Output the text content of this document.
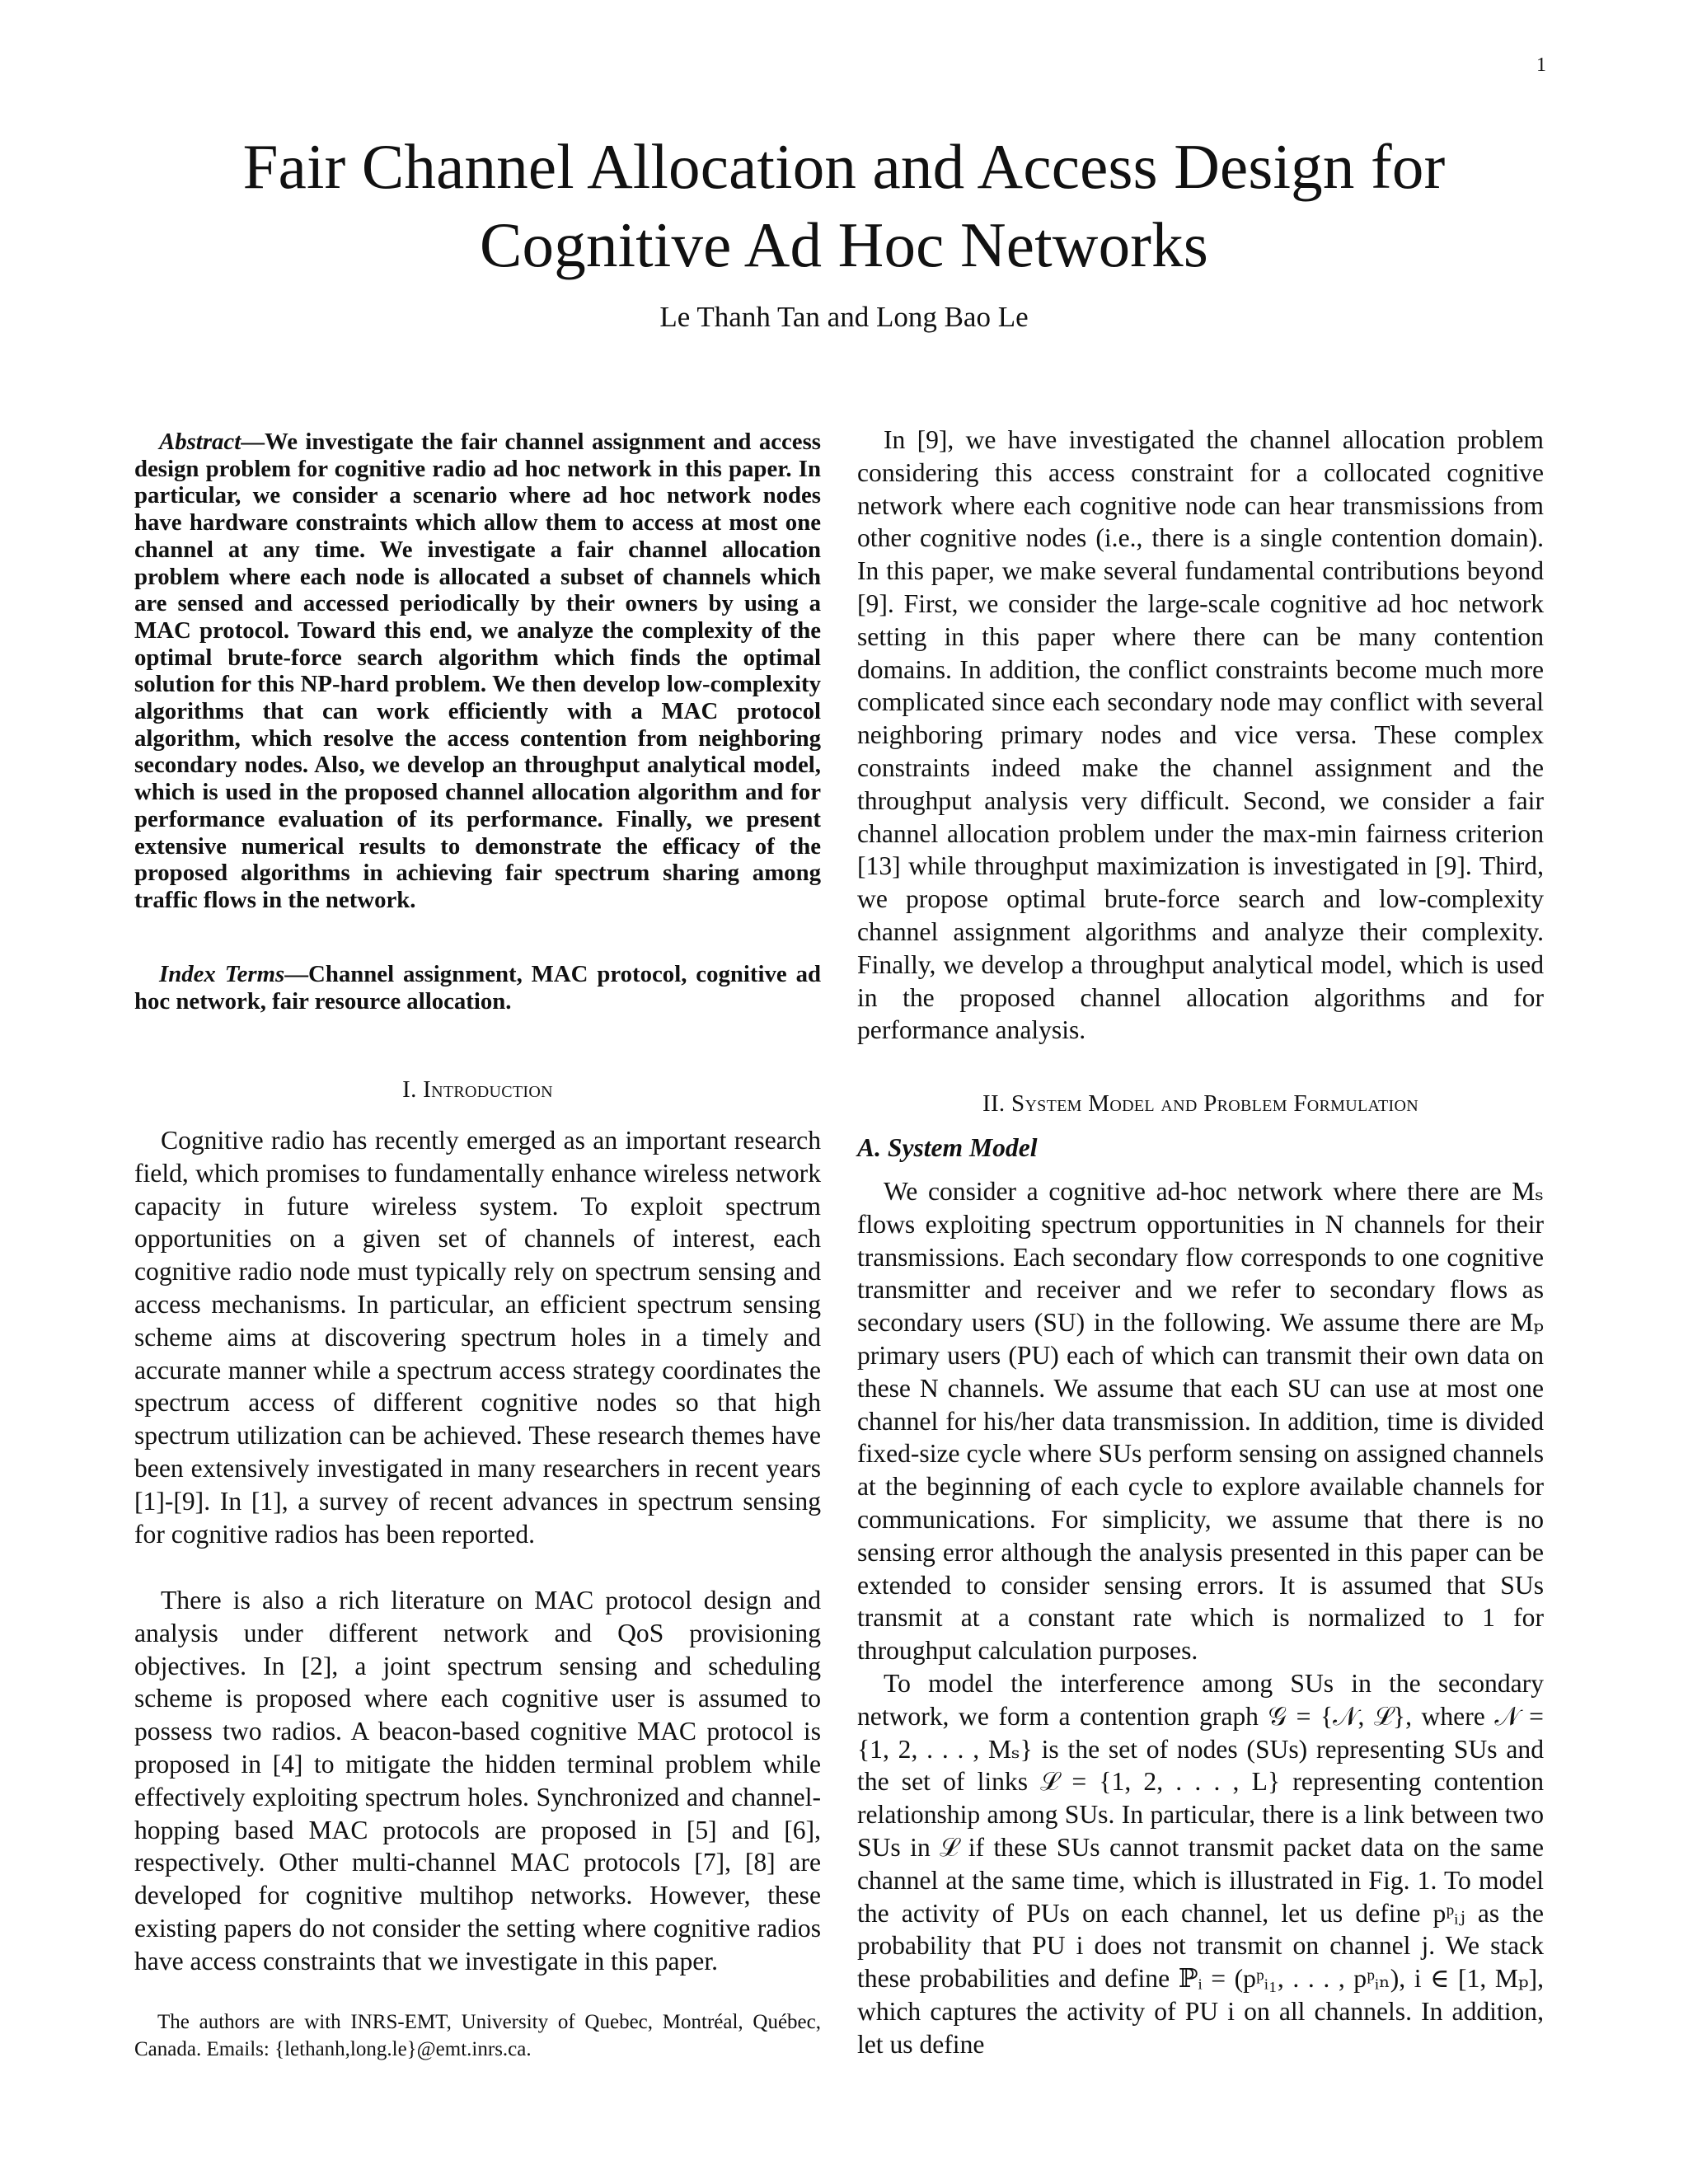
1
Fair Channel Allocation and Access Design for Cognitive Ad Hoc Networks
Le Thanh Tan and Long Bao Le

Abstract—We investigate the fair channel assignment and access design problem for cognitive radio ad hoc network in this paper. In particular, we consider a scenario where ad hoc network nodes have hardware constraints which allow them to access at most one channel at any time. We investigate a fair channel allocation problem where each node is allocated a subset of channels which are sensed and accessed periodically by their owners by using a MAC protocol. Toward this end, we analyze the complexity of the optimal brute-force search algorithm which finds the optimal solution for this NP-hard problem. We then develop low-complexity algorithms that can work efficiently with a MAC protocol algorithm, which resolve the access contention from neighboring secondary nodes. Also, we develop an throughput analytical model, which is used in the proposed channel allocation algorithm and for performance evaluation of its performance. Finally, we present extensive numerical results to demonstrate the efficacy of the proposed algorithms in achieving fair spectrum sharing among traffic flows in the network.

Index Terms—Channel assignment, MAC protocol, cognitive ad hoc network, fair resource allocation.

I. Introduction

Cognitive radio has recently emerged as an important research field, which promises to fundamentally enhance wireless network capacity in future wireless system. To exploit spectrum opportunities on a given set of channels of interest, each cognitive radio node must typically rely on spectrum sensing and access mechanisms. In particular, an efficient spectrum sensing scheme aims at discovering spectrum holes in a timely and accurate manner while a spectrum access strategy coordinates the spectrum access of different cognitive nodes so that high spectrum utilization can be achieved. These research themes have been extensively investigated in many researchers in recent years [1]-[9]. In [1], a survey of recent advances in spectrum sensing for cognitive radios has been reported.

There is also a rich literature on MAC protocol design and analysis under different network and QoS provisioning objectives. In [2], a joint spectrum sensing and scheduling scheme is proposed where each cognitive user is assumed to possess two radios. A beacon-based cognitive MAC protocol is proposed in [4] to mitigate the hidden terminal problem while effectively exploiting spectrum holes. Synchronized and channel-hopping based MAC protocols are proposed in [5] and [6], respectively. Other multi-channel MAC protocols [7], [8] are developed for cognitive multihop networks. However, these existing papers do not consider the setting where cognitive radios have access constraints that we investigate in this paper.

The authors are with INRS-EMT, University of Quebec, Montréal, Québec, Canada. Emails: {lethanh,long.le}@emt.inrs.ca.

In [9], we have investigated the channel allocation problem considering this access constraint for a collocated cognitive network where each cognitive node can hear transmissions from other cognitive nodes (i.e., there is a single contention domain). In this paper, we make several fundamental contributions beyond [9]. First, we consider the large-scale cognitive ad hoc network setting in this paper where there can be many contention domains. In addition, the conflict constraints become much more complicated since each secondary node may conflict with several neighboring primary nodes and vice versa. These complex constraints indeed make the channel assignment and the throughput analysis very difficult. Second, we consider a fair channel allocation problem under the max-min fairness criterion [13] while throughput maximization is investigated in [9]. Third, we propose optimal brute-force search and low-complexity channel assignment algorithms and analyze their complexity. Finally, we develop a throughput analytical model, which is used in the proposed channel allocation algorithms and for performance analysis.

II. System Model and Problem Formulation
A. System Model

We consider a cognitive ad-hoc network where there are Mₛ flows exploiting spectrum opportunities in N channels for their transmissions. Each secondary flow corresponds to one cognitive transmitter and receiver and we refer to secondary flows as secondary users (SU) in the following. We assume there are Mₚ primary users (PU) each of which can transmit their own data on these N channels. We assume that each SU can use at most one channel for his/her data transmission. In addition, time is divided fixed-size cycle where SUs perform sensing on assigned channels at the beginning of each cycle to explore available channels for communications. For simplicity, we assume that there is no sensing error although the analysis presented in this paper can be extended to consider sensing errors. It is assumed that SUs transmit at a constant rate which is normalized to 1 for throughput calculation purposes.

To model the interference among SUs in the secondary network, we form a contention graph 𝒢 = {𝒩, ℒ}, where 𝒩 = {1, 2, . . . , Mₛ} is the set of nodes (SUs) representing SUs and the set of links ℒ = {1, 2, . . . , L} representing contention relationship among SUs. In particular, there is a link between two SUs in ℒ if these SUs cannot transmit packet data on the same channel at the same time, which is illustrated in Fig. 1. To model the activity of PUs on each channel, let us define pᵖᵢⱼ as the probability that PU i does not transmit on channel j. We stack these probabilities and define ℙᵢ = (pᵖᵢ₁, . . . , pᵖᵢₙ), i ∈ [1, Mₚ], which captures the activity of PU i on all channels. In addition, let us define
